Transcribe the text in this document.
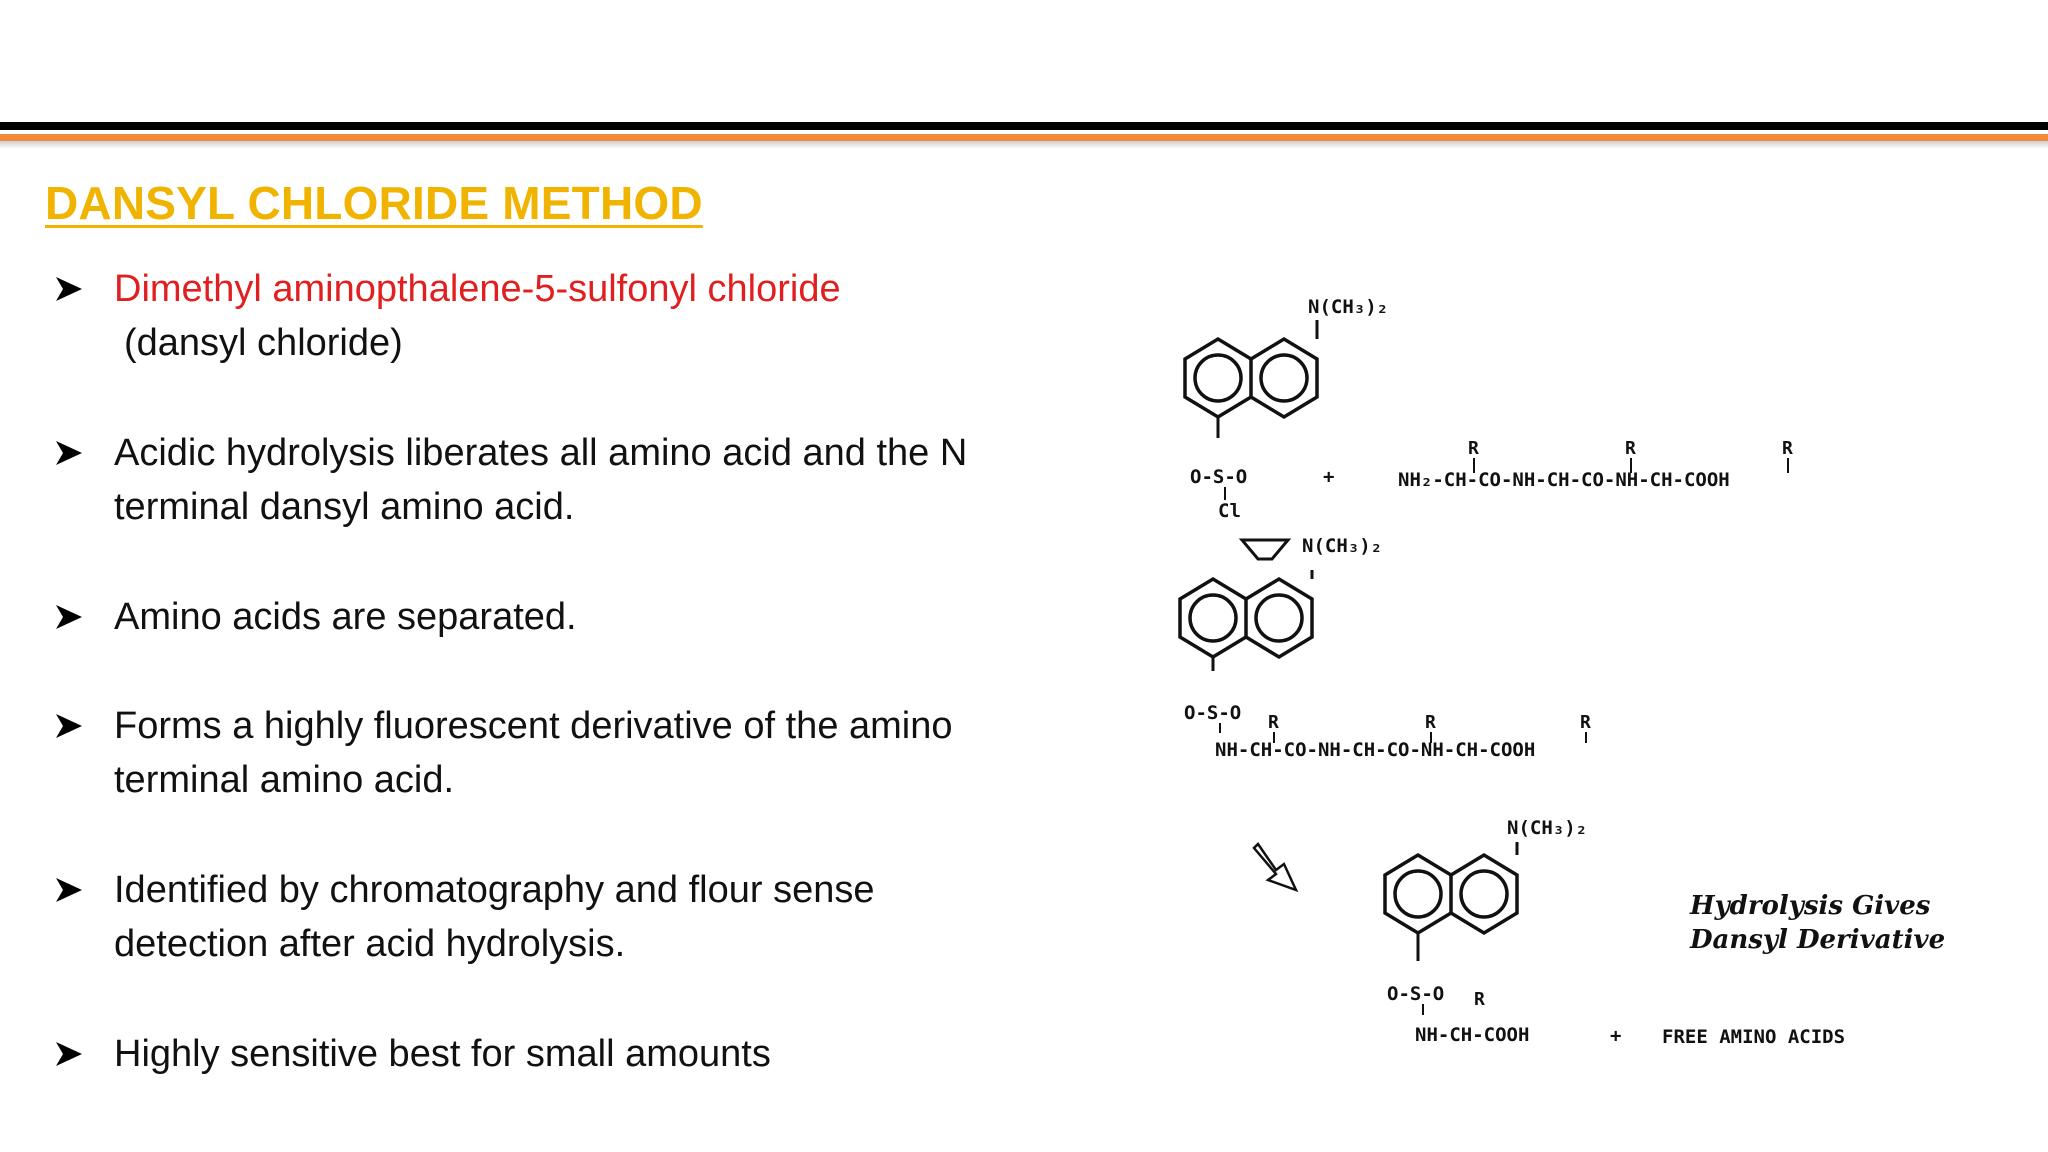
DANSYL CHLORIDE METHOD
Dimethyl aminopthalene-5-sulfonyl chloride
(dansyl chloride)
Acidic hydrolysis liberates all amino acid and the N
terminal dansyl amino acid.
Amino acids are separated.
Forms a highly fluorescent derivative of the amino
terminal amino acid.
Identified by chromatography and flour sense
detection after acid hydrolysis.
Highly sensitive best for small amounts
N(CH₃)₂
O-S-O
Cl
+	NH₂-CH-CO-NH-CH-CO-NH-CH-COOH
R	R	R
N(CH₃)₂
O-S-O
NH-CH-CO-NH-CH-CO-NH-CH-COOH
R	R	R
N(CH₃)₂
O-S-O R
NH-CH-COOH	+ FREE AMINO ACIDS
Hydrolysis Gives
Dansyl Derivative
